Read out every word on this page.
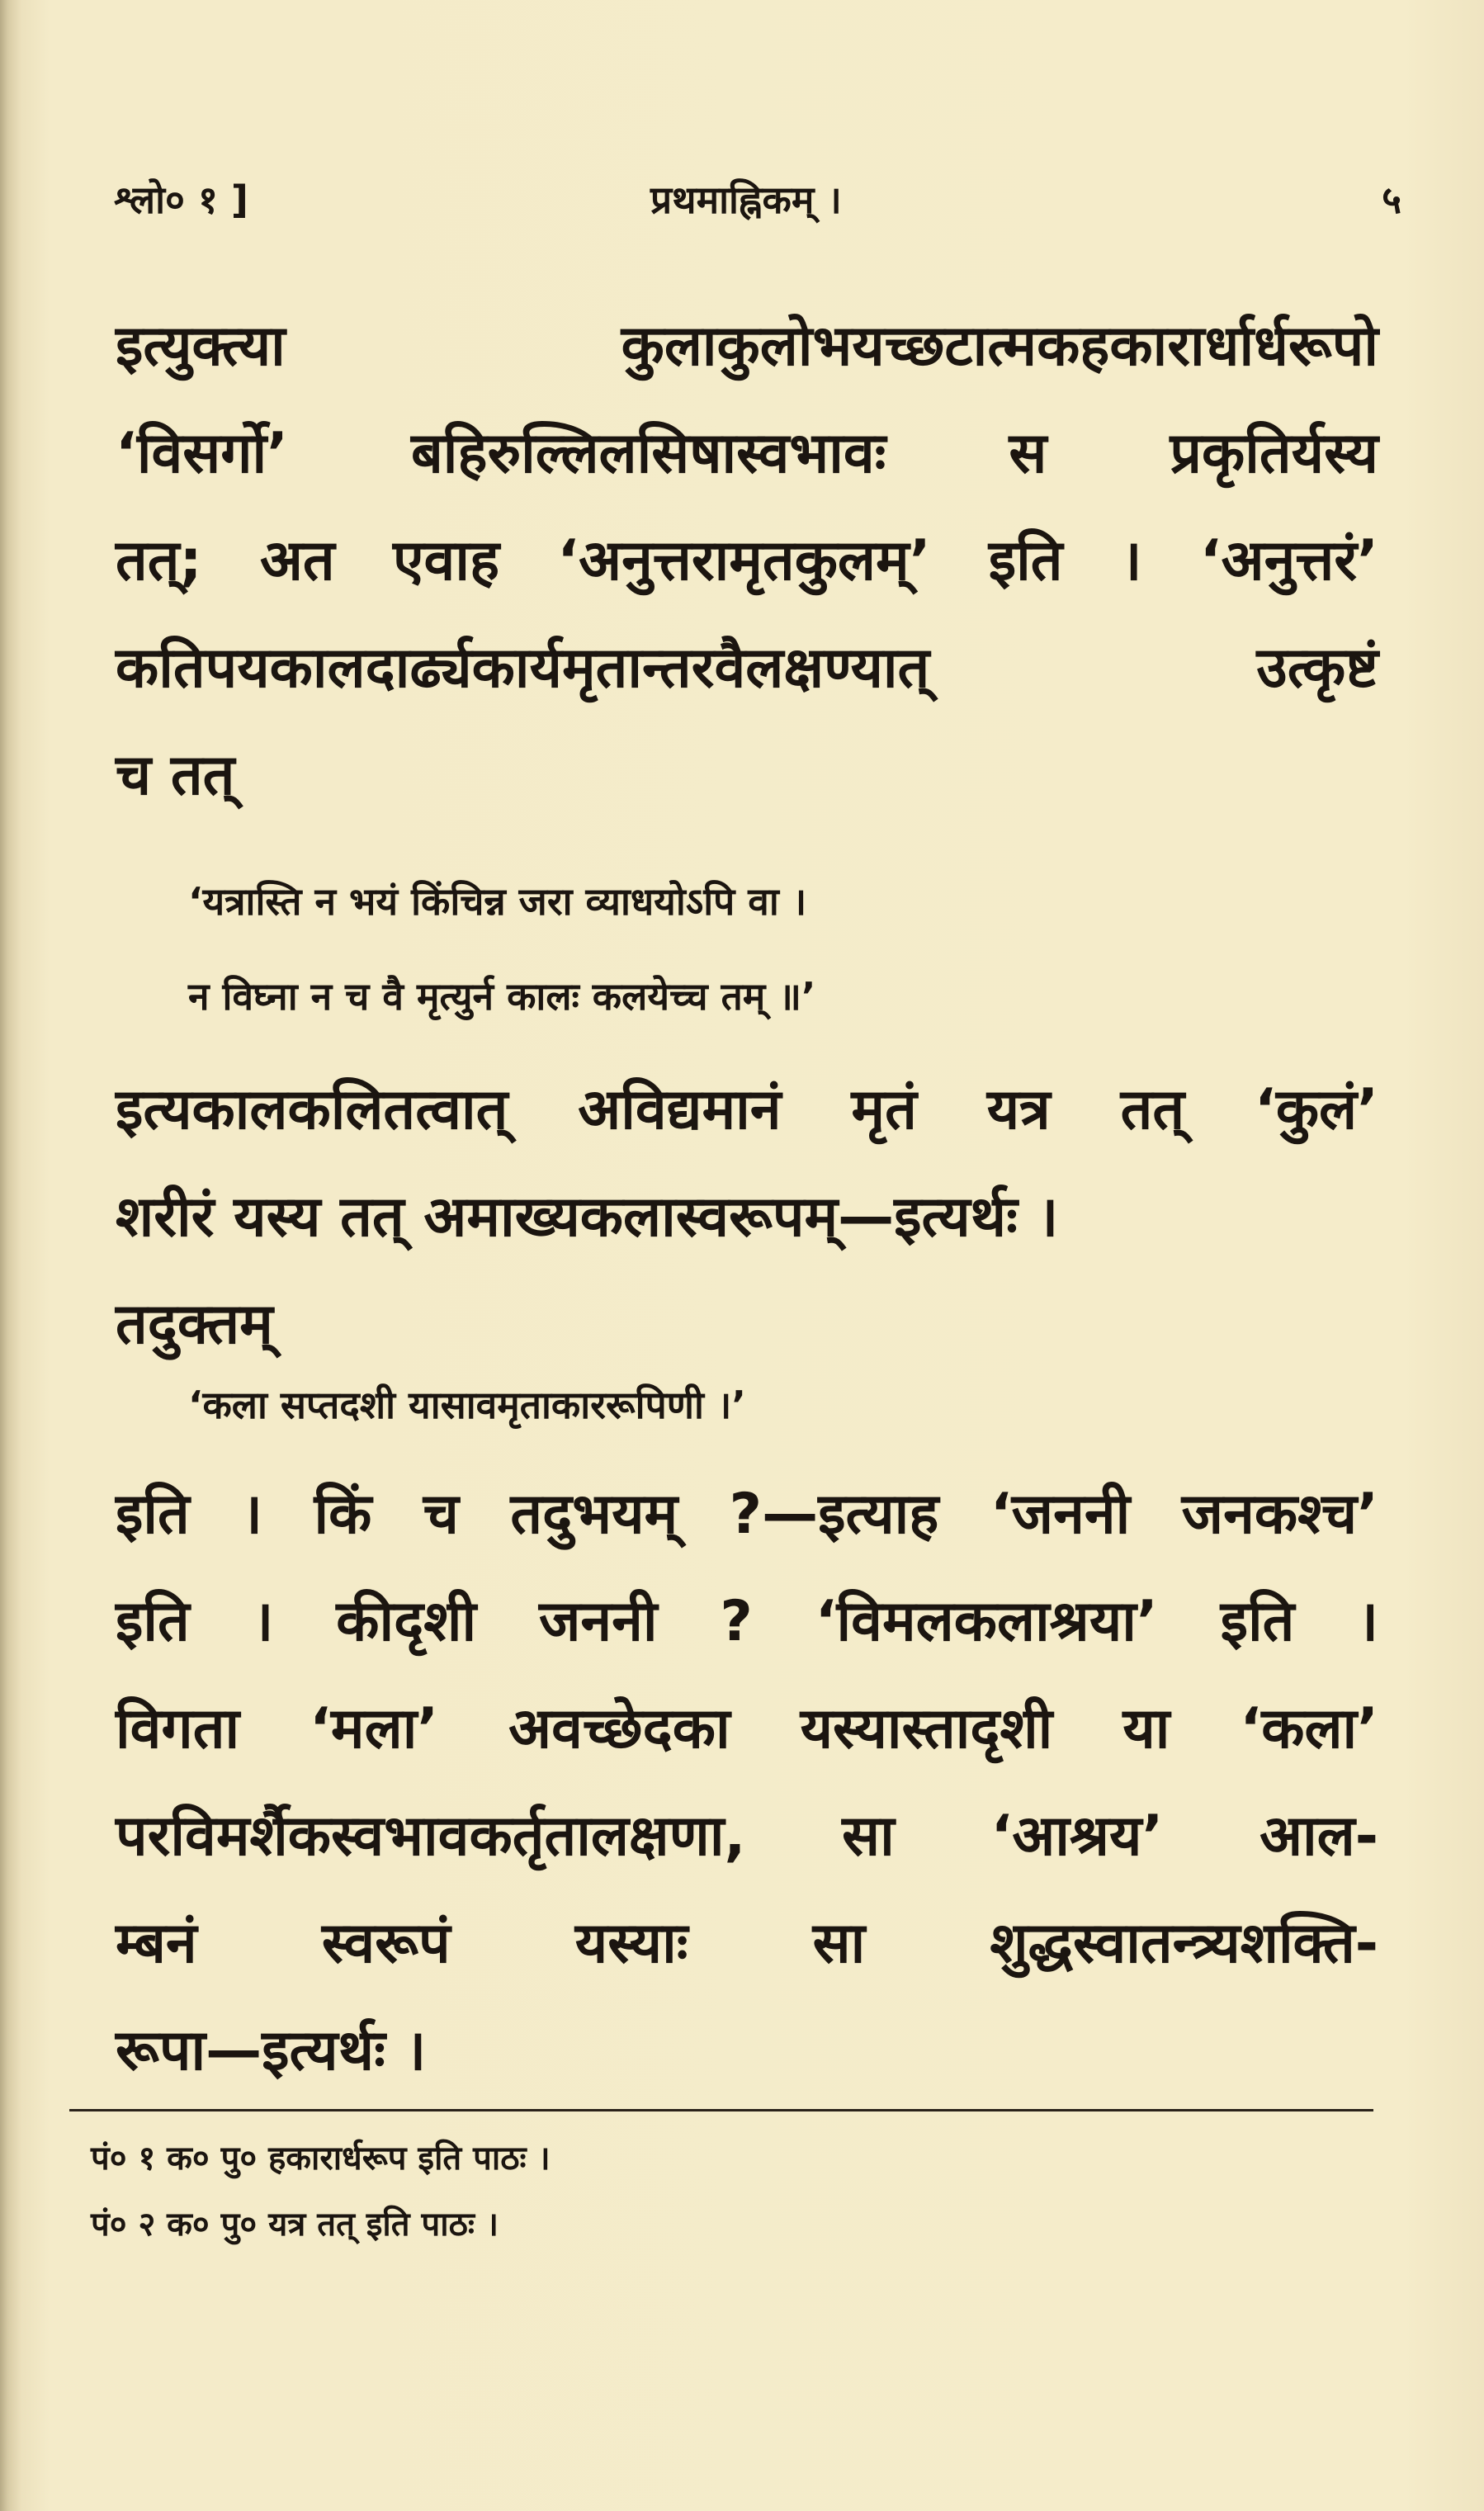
श्लो० १ ]	प्रथमाह्निकम् ।	५
इत्युक्त्या कुलाकुलोभयच्छटात्मकहकारार्धार्धरूपो
‘विसर्गो’ बहिरुल्लिलसिषास्वभावः स प्रकृतिर्यस्य
तत्; अत एवाह ‘अनुत्तरामृतकुलम्’ इति । ‘अनुत्तरं’
कतिपयकालदार्ढ्यकार्यमृतान्तरवैलक्षण्यात् उत्कृष्टं
च तत्
‘यत्रास्ति न भयं किंचिन्न जरा व्याधयोऽपि वा ।
न विघ्ना न च वै मृत्युर्न कालः कलयेच्च तम् ॥’
इत्यकालकलितत्वात् अविद्यमानं मृतं यत्र तत् ‘कुलं’
शरीरं यस्य तत् अमाख्यकलास्वरूपम्—इत्यर्थः ।
तदुक्तम्
‘कला सप्तदशी यासावमृताकाररूपिणी ।’
इति । किं च तदुभयम् ?—इत्याह ‘जननी जनकश्च’
इति । कीदृशी जननी ? ‘विमलकलाश्रया’ इति ।
विगता ‘मला’ अवच्छेदका यस्यास्तादृशी या ‘कला’
परविमर्शैकस्वभावकर्तृतालक्षणा, सा ‘आश्रय’ आल-
म्बनं स्वरूपं यस्याः सा शुद्धस्वातन्त्र्यशक्ति-
रूपा—इत्यर्थः ।
पं० १ क० पु० हकारार्धरूप इति पाठः ।
पं० २ क० पु० यत्र तत् इति पाठः ।
